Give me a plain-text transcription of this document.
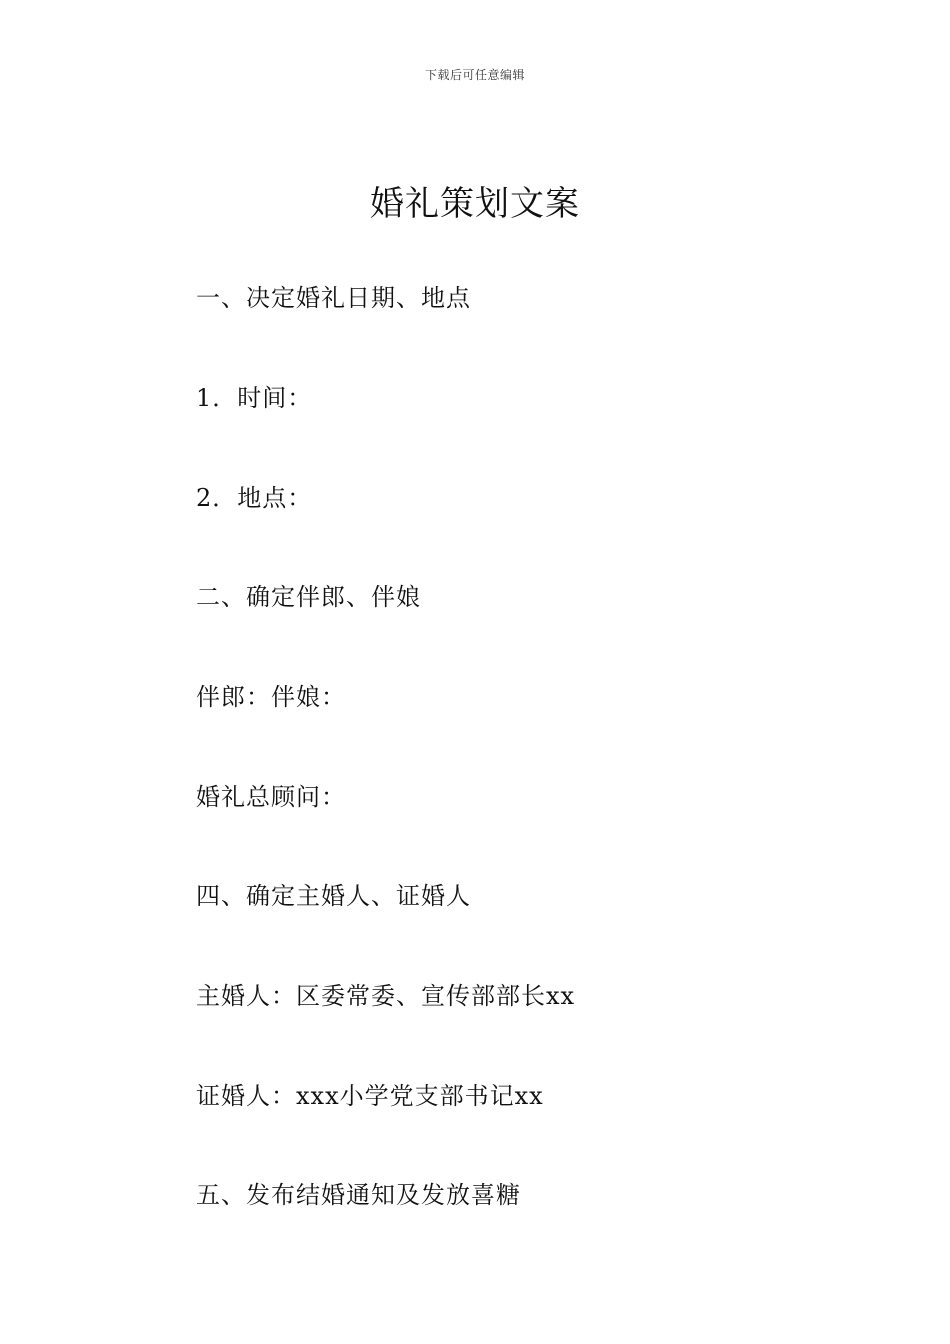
下载后可任意编辑
婚礼策划文案
一、决定婚礼日期、地点
1．时间：
2．地点：
二、确定伴郎、伴娘
伴郎：伴娘：
婚礼总顾问：
四、确定主婚人、证婚人
主婚人：区委常委、宣传部部长xx
证婚人：xxx小学党支部书记xx
五、发布结婚通知及发放喜糖
